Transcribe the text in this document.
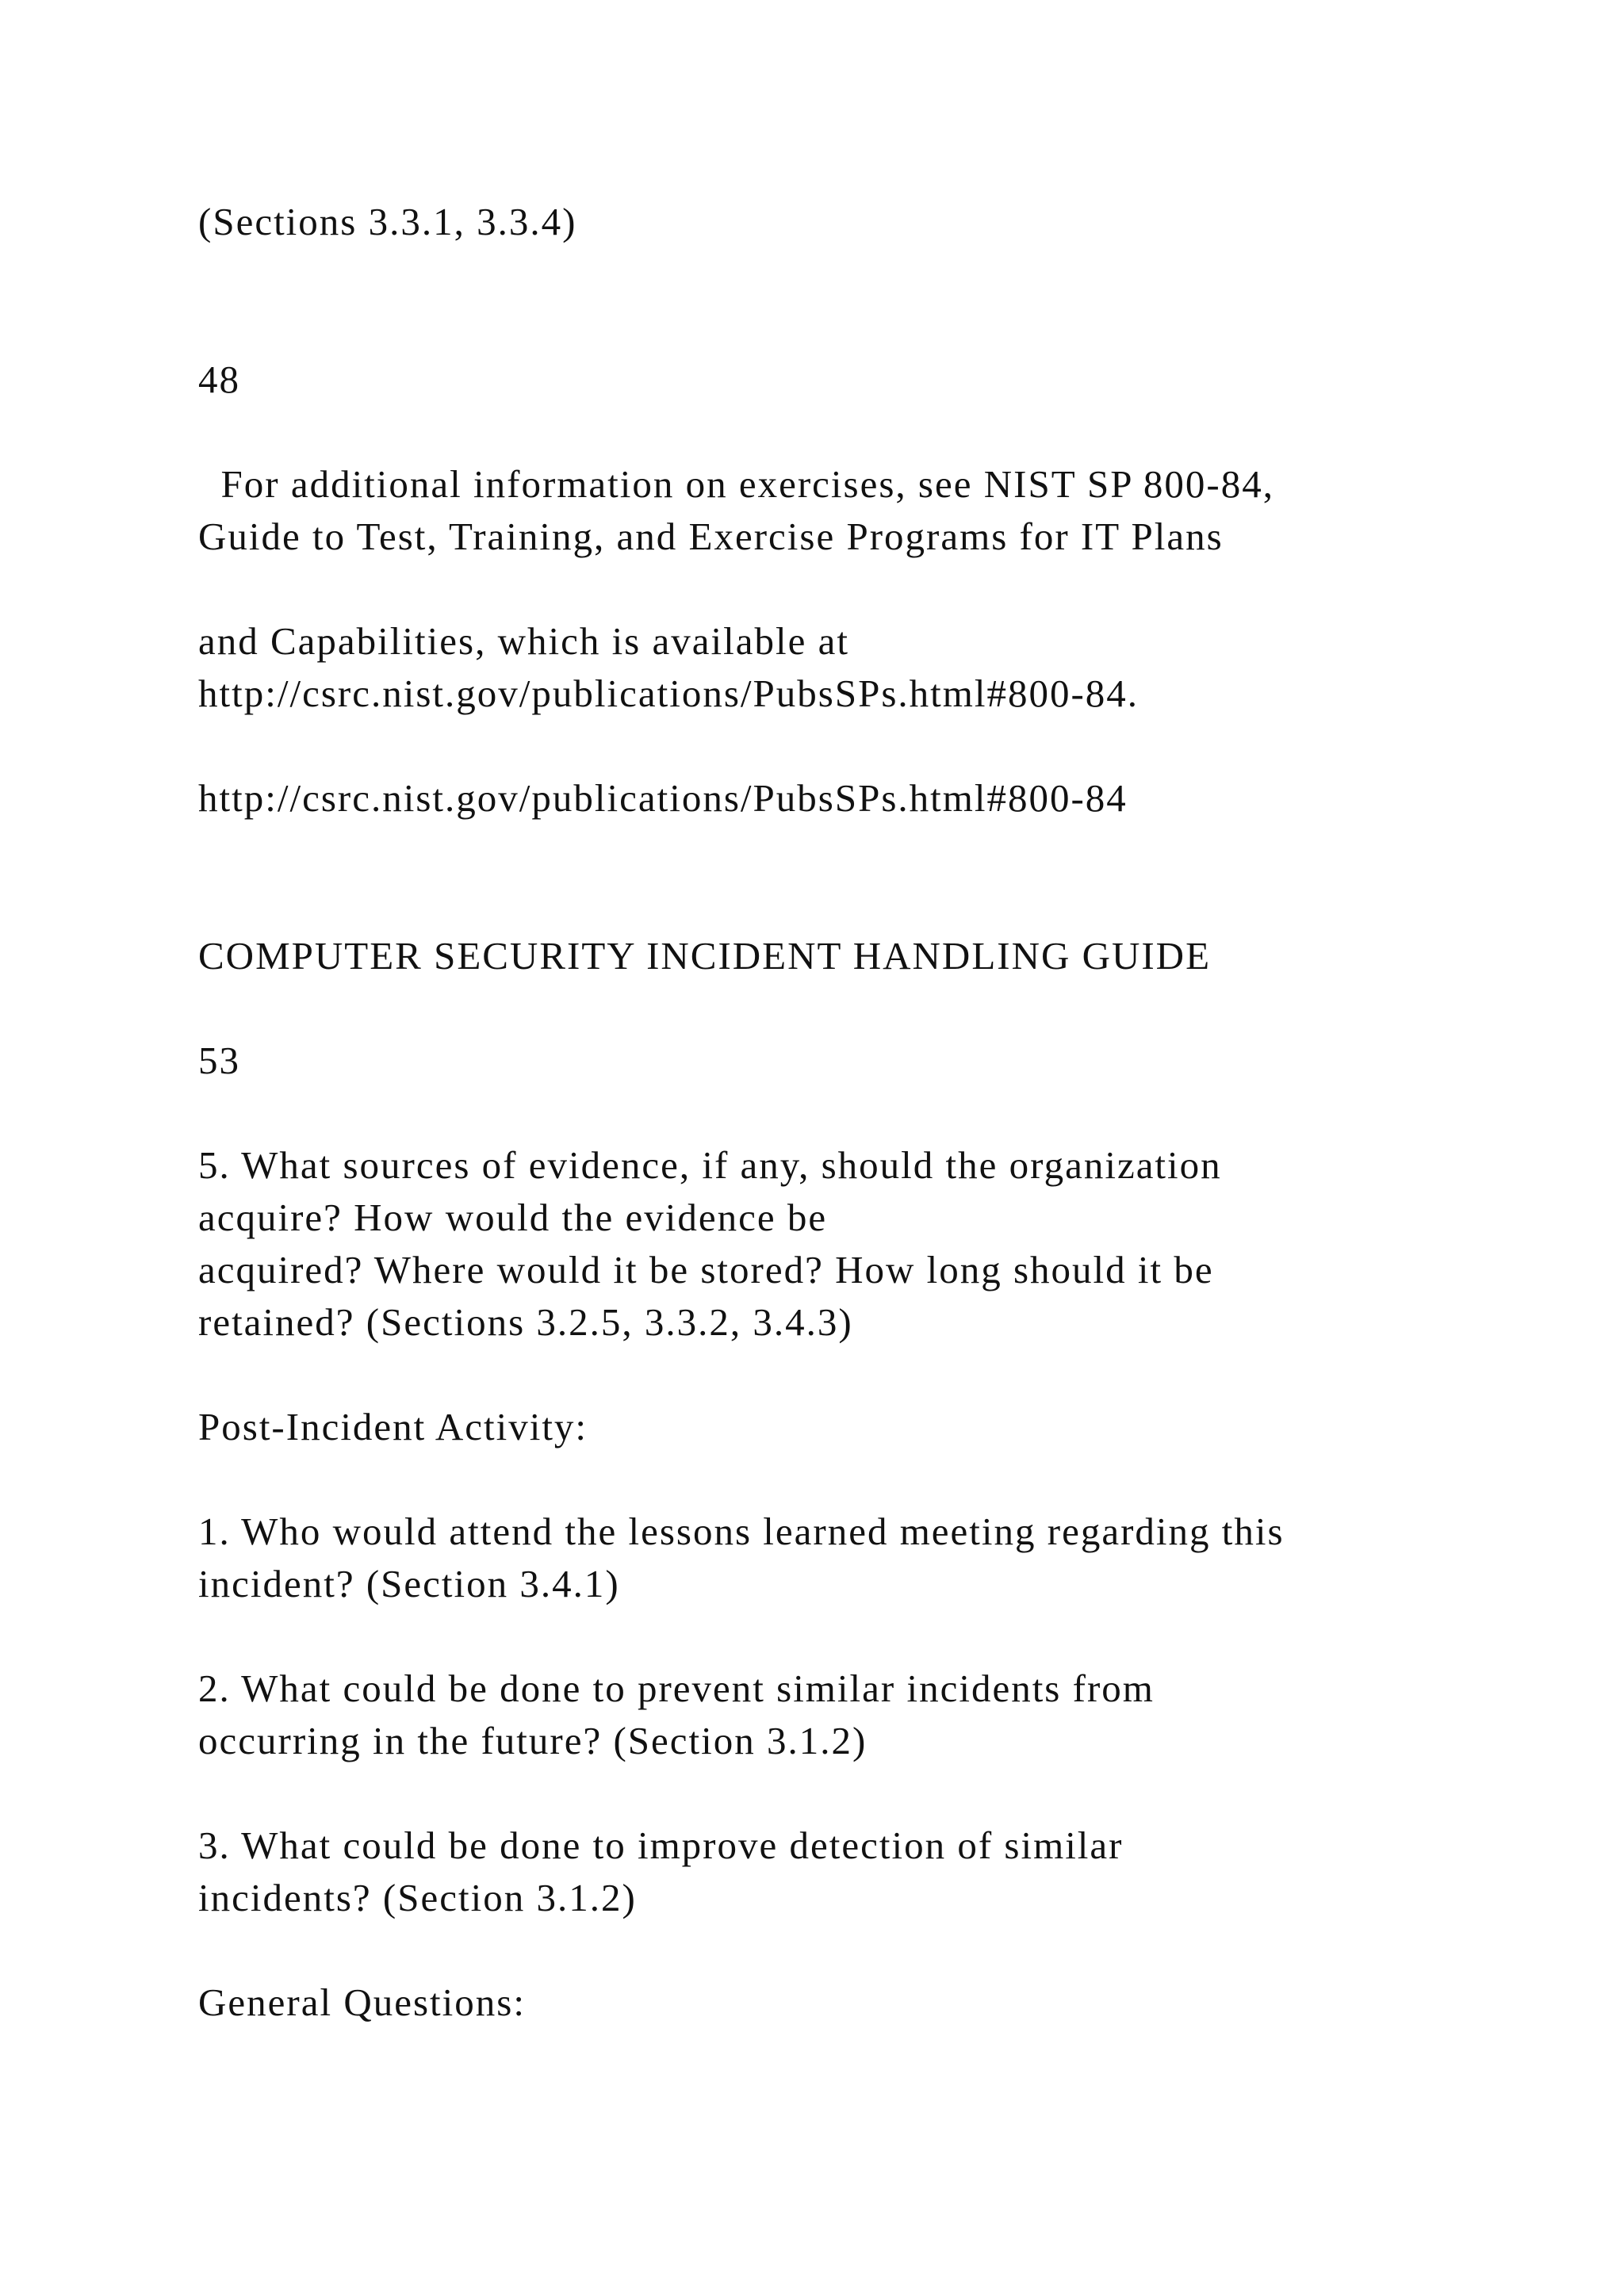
(Sections 3.3.1, 3.3.4)

48

For additional information on exercises, see NIST SP 800-84,

Guide to Test, Training, and Exercise Programs for IT Plans

and Capabilities, which is available at

http://csrc.nist.gov/publications/PubsSPs.html#800-84.

http://csrc.nist.gov/publications/PubsSPs.html#800-84

COMPUTER SECURITY INCIDENT HANDLING GUIDE

53

5. What sources of evidence, if any, should the organization

acquire? How would the evidence be

acquired? Where would it be stored? How long should it be

retained? (Sections 3.2.5, 3.3.2, 3.4.3)

Post-Incident Activity:

1. Who would attend the lessons learned meeting regarding this

incident? (Section 3.4.1)

2. What could be done to prevent similar incidents from

occurring in the future? (Section 3.1.2)

3. What could be done to improve detection of similar

incidents? (Section 3.1.2)

General Questions:
